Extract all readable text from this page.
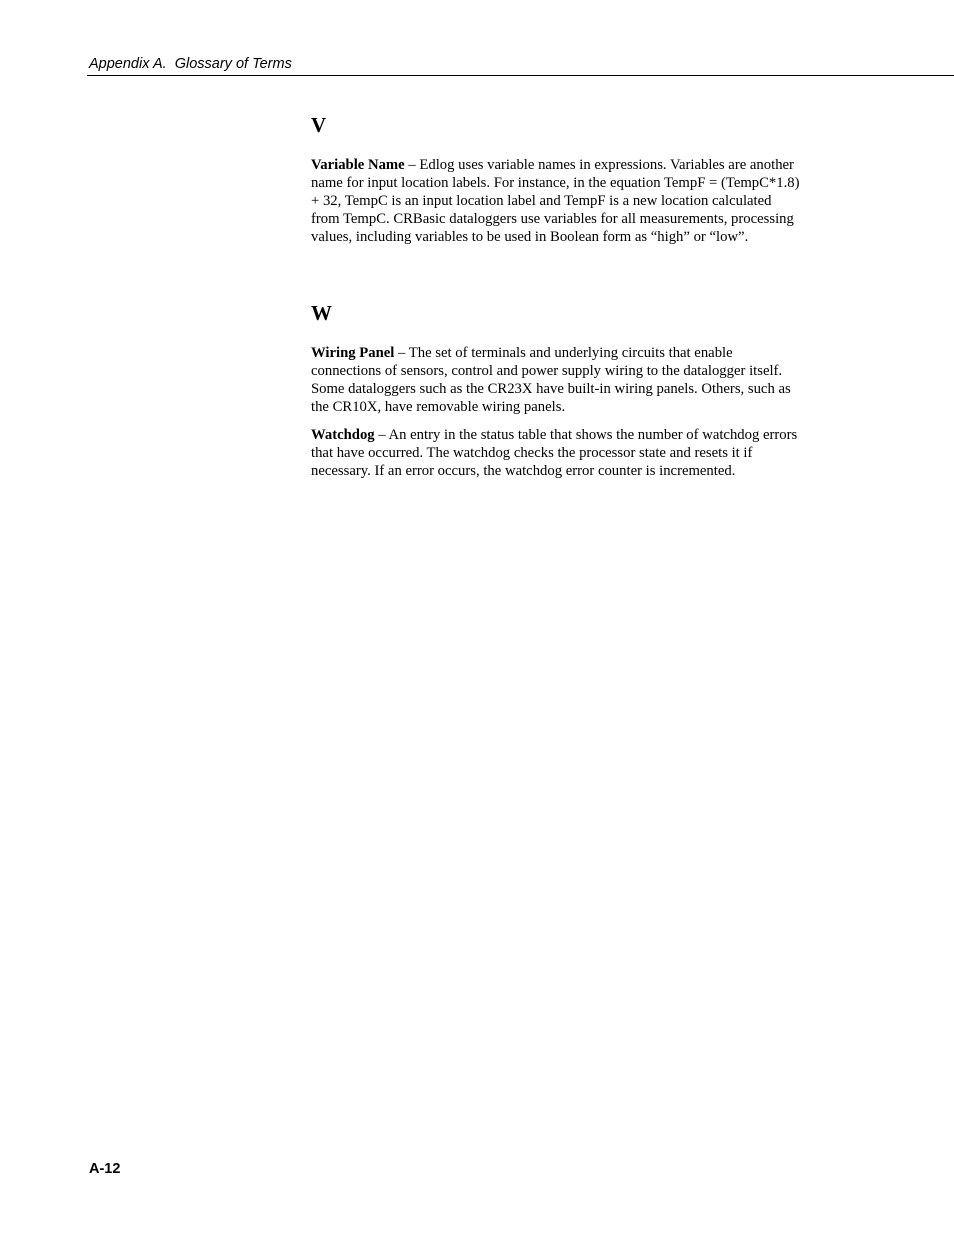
Appendix A.  Glossary of Terms
V

Variable Name – Edlog uses variable names in expressions. Variables are another name for input location labels. For instance, in the equation TempF = (TempC*1.8) + 32, TempC is an input location label and TempF is a new location calculated from TempC. CRBasic dataloggers use variables for all measurements, processing values, including variables to be used in Boolean form as “high” or “low”.

W

Wiring Panel – The set of terminals and underlying circuits that enable connections of sensors, control and power supply wiring to the datalogger itself. Some dataloggers such as the CR23X have built-in wiring panels. Others, such as the CR10X, have removable wiring panels.

Watchdog – An entry in the status table that shows the number of watchdog errors that have occurred. The watchdog checks the processor state and resets it if necessary. If an error occurs, the watchdog error counter is incremented.

A-12
